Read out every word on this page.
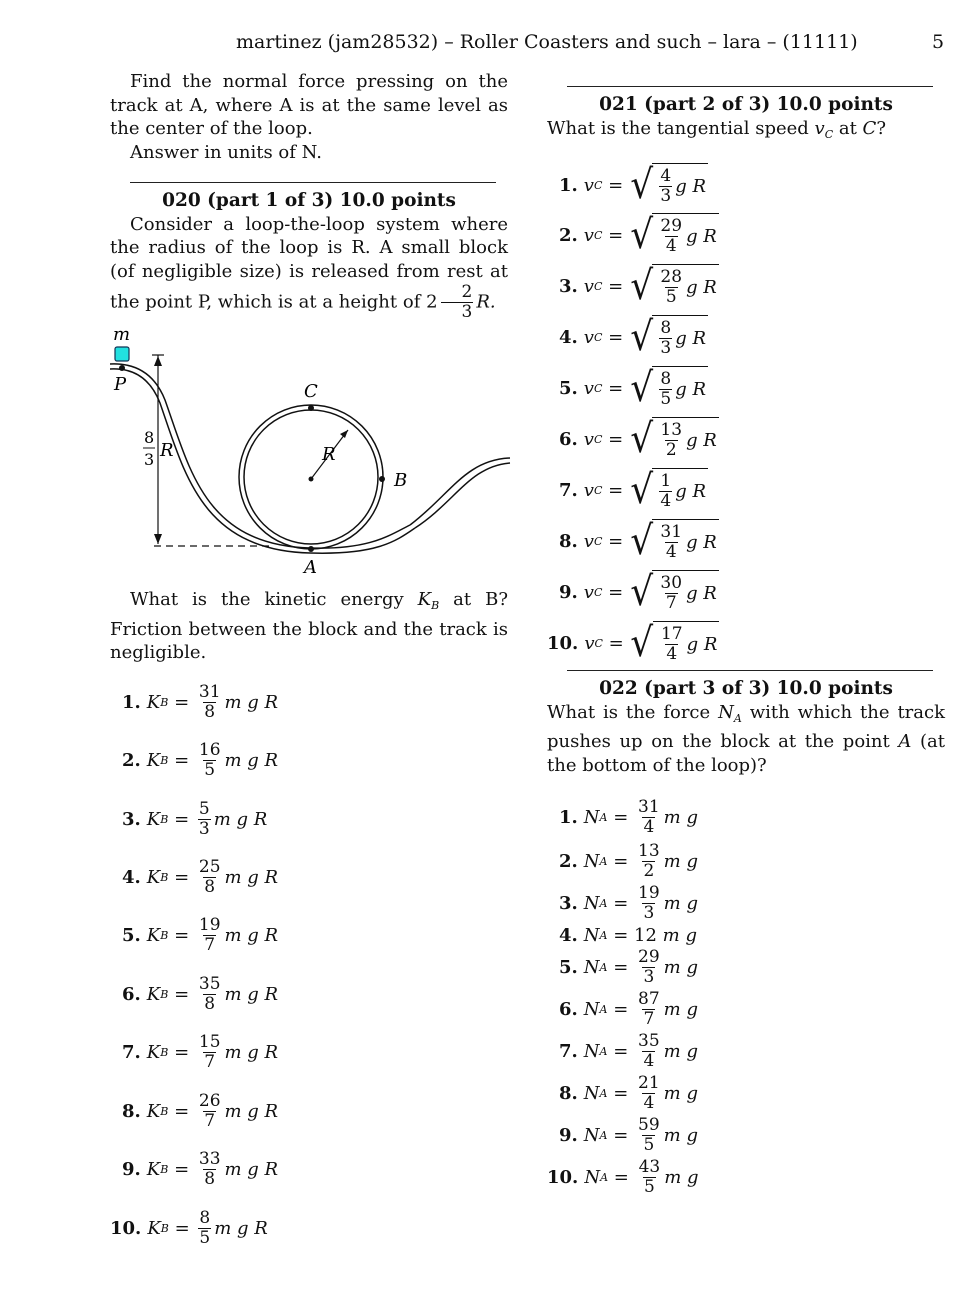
martinez (jam28532) – Roller Coasters and such – lara – (11111)	5

Find the normal force pressing on the track at A, where A is at the same level as the center of the loop.

Answer in units of N.

020 (part 1 of 3) 10.0 points

Consider a loop-the-loop system where the radius of the loop is R. A small block (of negligible size) is released from rest at the point P, which is at a height of $2 \frac{2}{3} R$.

m
P	C
R
B
A
8
3 R

What is the kinetic energy $K_B$ at B? Friction between the block and the track is negligible.

1. K $B = \frac{31}{8}$ m g R
2. K $B = \frac{16}{5}$ m g R
3. K $B = \frac{5}{3}$ m g R
4. K $B = \frac{25}{8}$ m g R
5. K $B = \frac{19}{7}$ m g R
6. K $B = \frac{35}{8}$ m g R
7. K $B = \frac{15}{7}$ m g R
8. K $B = \frac{26}{7}$ m g R
9. K $B = \frac{33}{8}$ m g R
10. K $B = \frac{8}{5}$ m g R
021 (part 2 of 3) 10.0 points
What is the tangential speed $v_C$ at C?
1. v C = √ $\frac{4}{3}$ g R
2. v C = √ $\frac{29}{4}$ g R
3. v C = √ $\frac{28}{5}$ g R
4. v C = √ $\frac{8}{3}$ g R
5. v C = √ $\frac{8}{5}$ g R
6. v C = √ $\frac{13}{2}$ g R
7. v C = √ $\frac{1}{4}$ g R
8. v C = √ $\frac{31}{4}$ g R
9. v C = √ $\frac{30}{7}$ g R
10. v C = √ $\frac{17}{4}$ g R
022 (part 3 of 3) 10.0 points

What is the force $N_A$ with which the track pushes up on the block at the point A (at the bottom of the loop)?

1. N $A = \frac{31}{4}$ m g
2. N $A = \frac{13}{2}$ m g
3. N $A = \frac{19}{3}$ m g
4. N A = 12 m g
5. N $A = \frac{29}{3}$ m g
6. N $A = \frac{87}{7}$ m g
7. N $A = \frac{35}{4}$ m g
8. N $A = \frac{21}{4}$ m g
9. N $A = \frac{59}{5}$ m g
10. N $A = \frac{43}{5}$ m g
